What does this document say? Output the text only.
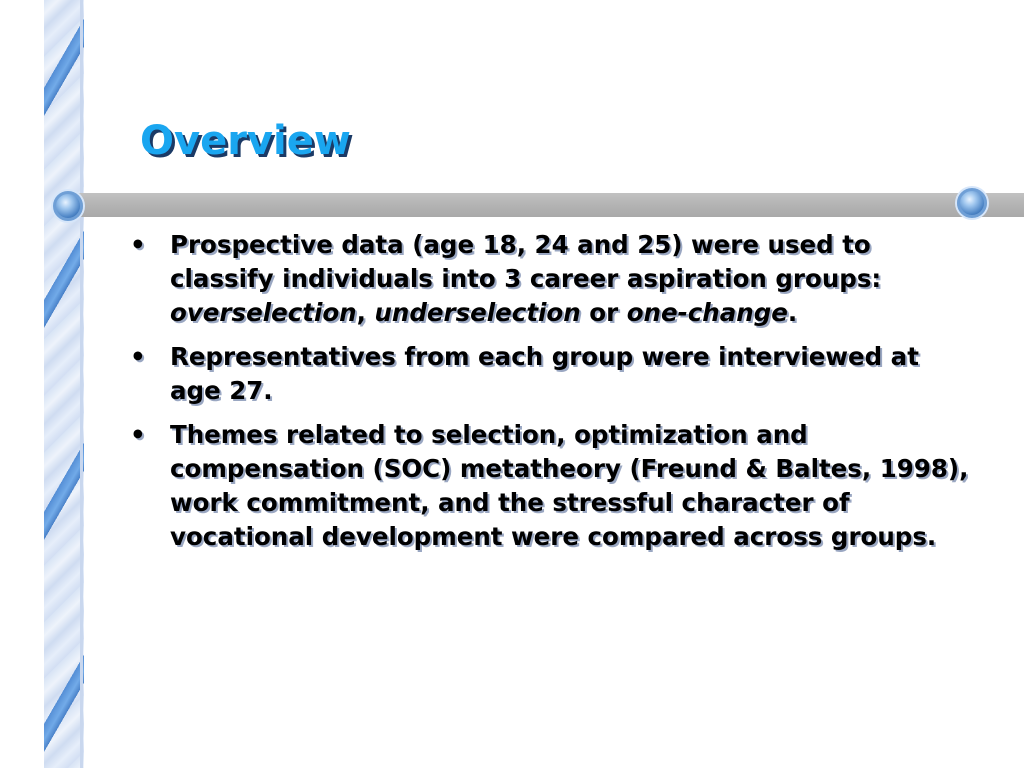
Overview
• Prospective data (age 18, 24 and 25) were used to classify individuals into 3 career aspiration groups: overselection, underselection or one-change.
• Representatives from each group were interviewed at age 27.
• Themes related to selection, optimization and compensation (SOC) metatheory (Freund & Baltes, 1998), work commitment, and the stressful character of vocational development were compared across groups.
